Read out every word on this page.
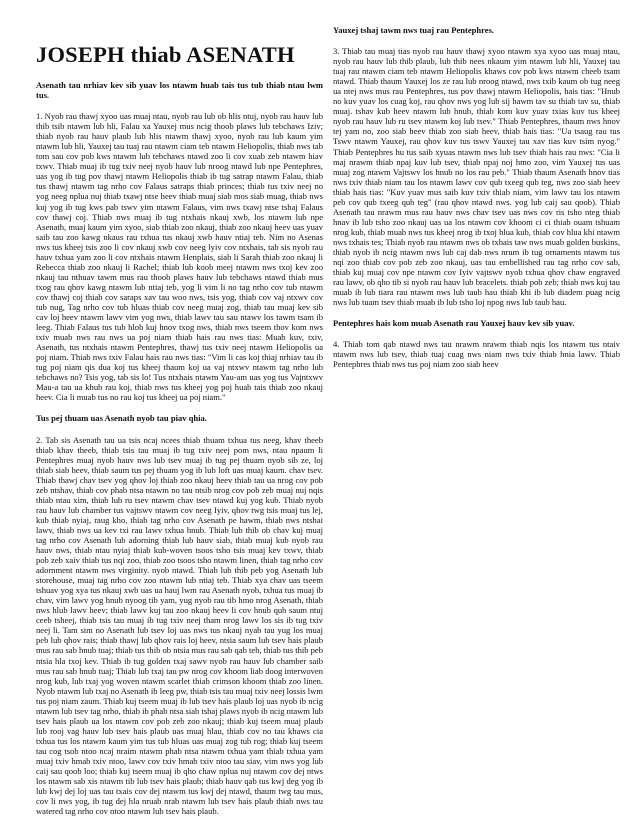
JOSEPH thiab ASENATH

Asenath tau nrhiav kev sib yuav los ntawm huab tais tus tub thiab ntau lwm tus.

1. Nyob rau thawj xyoo uas muaj ntau, nyob rau lub ob hlis ntuj, nyob rau hauv lub thib tsib ntawm lub hli, Falau xa Yauxej mus ncig thoob plaws lub tebchaws Iziv; thiab nyob rau hauv plaub lub hlis ntawm thawj xyoo, nyob rau lub kaum yim ntawm lub hli, Yauxej tau tuaj rau ntawm ciam teb ntawm Heliopolis, thiab nws tab tom sau cov pob kws ntawm lub tebchaws ntawd zoo li cov xuab zeb ntawm hiav txwv. Thiab muaj ib tug txiv neej nyob hauv lub nroog ntawd lub npe Pentephres, uas yog ib tug pov thawj ntawm Heliopolis thiab ib tug satrap ntawm Falau, thiab tus thawj ntawm tag nrho cov Falaus satraps thiab princes; thiab tus txiv neej no yog neeg nplua nuj thiab txawj ntse heev thiab muaj siab mos siab muag, thiab nws kuj yog ib tug kws pab tswv yim ntawm Falaus, vim nws txawj ntse tshaj Falaus cov thawj coj. Thiab nws muaj ib tug ntxhais nkauj xwb, los ntawm lub npe Asenath, muaj kaum yim xyoo, siab thiab zoo nkauj, thiab zoo nkauj heev uas yuav saib tau zoo kawg nkaus rau txhua tus nkauj xwb hauv ntiaj teb. Nim no Asenas nws tus kheej tsis zoo li cov nkauj xwb cov neeg lyiv cov ntxhais, tab sis nyob rau hauv txhua yam zoo li cov ntxhais ntawm Henplais, siab li Sarah thiab zoo nkauj li Rebecca thiab zoo nkauj li Rachel; thiab lub koob meej ntawm nws txoj kev zoo nkauj tau nthuav tawm mus rau thoob plaws hauv lub tebchaws ntawd thiab mus txog rau qhov kawg ntawm lub ntiaj teb, yog li vim li no tag nrho cov tub ntawm cov thawj coj thiab cov saraps xav tau woo nws, tsis yog, thiab cov vaj ntxwv cov tub nug, Tag nrho cov tub hluas thiab cov neeg muaj zog, thiab tau muaj kev sib cav loj heev ntawm lawv vim yog nws, thiab lawv tau sau ntawv los tawm tsam ib leeg. Thiab Falaus tus tub hlob kuj hnov txog nws, thiab nws tseem thov kom nws txiv muab nws rau nws ua poj niam thiab hais rau nws tias: Muab kuv, txiv, Asenath, tus ntxhais ntawm Pentephres, thawj tus txiv neej ntawm Heliopolis ua poj niam. Thiab nws txiv Falau hais rau nws tias: "Vim li cas koj thiaj nrhiav tau ib tug poj niam qis dua koj tus kheej thaum koj ua vaj ntxwv ntawm tag nrho lub tebchaws no? Tsis yog, tab sis lo! Tus ntxhais ntawm Yau-am uas yog tus Vajntxwv Mau-a tau ua khub rau koj, thiab nws tus kheej yog poj huab tais thiab zoo nkauj heev. Cia li muab tus no rau koj tus kheej ua poj niam."

Tus pej thuam uas Asenath nyob tau piav qhia.

2. Tab sis Asenath tau ua tsis ncaj ncees thiab thuam txhua tus neeg, khav theeb thiab khav theeb, thiab tsis tau muaj ib tug txiv neej pom nws, ntau npaum li Pentephres muaj nyob hauv nws lub tsev muaj ib tug pej thuam nyob sib ze, loj thiab siab heev, thiab saum tus pej thuam yog ib lub loft uas muaj kaum. chav tsev. Thiab thawj chav tsev yog qhov loj thiab zoo nkauj heev thiab tau ua nrog cov pob zeb ntshav, thiab cov phab ntsa ntawm no tau ntsib nrog cov pob zeb muaj nuj nqis thiab ntau xim, thiab lub ru tsev ntawm chav tsev ntawd kuj yog kub. Thiab nyob rau hauv lub chamber tus vajtswv ntawm cov neeg Iyiv, qhov twg tsis muaj tus lej, kub thiab nyiaj, raug kho, thiab tag nrho cov Asenath pe hawm, thiab nws ntshai lawv, thiab nws ua kev txi rau lawv txhua hnub. Thiab lub thib ob chav kuj muaj tag nrho cov Asenath lub adorning thiab lub hauv siab, thiab muaj kub nyob rau hauv nws, thiab ntau nyiaj thiab kub-woven tsoos tsho tsis muaj kev txwv, thiab pob zeb xaiv thiab tus nqi zoo, thiab zoo tsoos tsho ntawm linen, thiab tag nrho cov adornment ntawm nws virginity. nyob ntawd. Thiab lub thib peb yog Asenath lub storehouse, muaj tag nrho cov zoo ntawm lub ntiaj teb. Thiab xya chav uas tseem tshuav yog xya tus nkauj xwb uas ua hauj lwm rau Asenath nyob, txhua tus muaj ib chav, vim lawv yog hnub nyoog tib yam, yug nyob rau tib hmo nrog Asenath, thiab nws hlub lawv heev; thiab lawv kuj tau zoo nkauj heev li cov hnub qub saum ntuj ceeb tsheej, thiab tsis tau muaj ib tug txiv neej tham nrog lawv los sis ib tug txiv neej li. Tam sim no Asenath lub tsev loj uas nws tus nkauj nyab tau yug los muaj peb lub qhov rais; thiab thawj lub qhov rais loj heev, ntsia saum lub tsev hais plaub mus rau sab hnub tuaj; thiab tus thib ob ntsia mus rau sab qab teb, thiab tus thib peb ntsia hla txoj kev. Thiab ib tug golden txaj sawv nyob rau hauv lub chamber saib mus rau sab hnub tuaj; Thiab lub txaj tau pw nrog cov khoom liab doog interwoven nrog kub, lub txaj yog woven ntawm scarlet thiab crimson khoom thiab zoo linen. Nyob ntawm lub txaj no Asenath ib leeg pw, thiab tsis tau muaj txiv neej lossis lwm tus poj niam zaum. Thiab kuj tseem muaj ib lub tsev hais plaub loj uas nyob ib ncig ntawm lub tsev tag nrho, thiab ib phab ntsa siab tshaj plaws nyob ib ncig ntawm lub tsev hais plaub ua los ntawm cov pob zeb zoo nkauj; thiab kuj tseem muaj plaub lub rooj vag hauv lub tsev hais plaub uas muaj hlau, thiab cov no tau khaws cia txhua tus los ntawm kaum yim tus tub hluas uas muaj zog tub rog; thiab kuj tseem tau cog tsob ntoo ncaj nraim ntawm phab ntsa ntawm txhua yam thiab txhua yam muaj txiv hmab txiv ntoo, lawv cov txiv hmab txiv ntoo tau siav, vim nws yog lub caij sau qoob loo; thiab kuj tseem muaj ib qho chaw nplua nuj ntawm cov dej ntws los ntawm sab xis ntawm tib lub tsev hais plaub; thiab hauv qab tus kwj deg yog ib lub kwj dej loj uas tau txais cov dej ntawm tus kwj dej ntawd, thaum twg tau mus, cov li nws yog, ib tug dej hla nruab nrab ntawm lub tsev hais plaub thiab nws tau watered tag nrho cov ntoo ntawm lub tsev hais plaub.

Yauxej tshaj tawm nws tuaj rau Pentephres.

3. Thiab tau muaj tias nyob rau hauv thawj xyoo ntawm xya xyoo uas muaj ntau, nyob rau hauv lub thib plaub, lub thib nees nkaum yim ntawm lub hli, Yauxej tau tuaj rau ntawm ciam teb ntawm Heliopolis khaws cov pob kws ntawm cheeb tsam ntawd. Thiab thaum Yauxej los ze rau lub nroog ntawd, nws txib kaum ob tug neeg ua ntej nws mus rau Pentephres, tus pov thawj ntawm Heliopolis, hais tias: "Hnub no kuv yuav los cuag koj, rau qhov nws yog lub sij hawm tav su thiab tav su, thiab muaj. tshav kub heev ntawm lub hnub, thiab kom kuv yuav txias kuv tus kheej nyob rau hauv lub ru tsev ntawm koj lub tsev." Thiab Pentephres, thaum nws hnov tej yam no, zoo siab heev thiab zoo siab heev, thiab hais tias: "Ua tsaug rau tus Tswv ntawm Yauxej, rau qhov kuv tus tswv Yauxej tau xav tias kuv tsim nyog." Thiab Pentephres hu tus saib xyuas ntawm nws lub tsev thiab hais rau nws: "Cia li maj nrawm thiab npaj kuv lub tsev, thiab npaj noj hmo zoo, vim Yauxej tus uas muaj zog ntawm Vajtswv los hnub no los rau peb." Thiab thaum Asenath hnov tias nws txiv thiab niam tau los ntawm lawv cov qub txeeg qub teg, nws zoo siab heev thiab hais tias: "Kuv yuav mus saib kuv txiv thiab niam, vim lawv tau los ntawm peb cov qub txeeg qub teg" (rau qhov ntawd nws. yog lub caij sau qoob). Thiab Asenath tau nrawm mus rau hauv nws chav tsev uas nws cov ris tsho nteg thiab hnav ib lub tsho zoo nkauj uas ua los ntawm cov khoom ci ci thiab ouam tshuam nrog kub, thiab muab nws tus kheej nrog ib txoj hlua kub, thiab cov hlua khi ntawm nws txhais tes; Thiab nyob rau ntawm nws ob txhais taw nws muab golden buskins, thiab nyob ib ncig ntawm nws lub caj dab nws nrum ib tug ornaments ntawm tus nqi zoo thiab cov pob zeb zoo nkauj, uas tau embellished rau tag nrho cov sab, thiab kuj muaj cov npe ntawm cov Iyiv vajtswv nyob txhua qhov chaw engraved rau lawv, ob qho tib si nyob rau hauv lub bracelets. thiab pob zeb; thiab nws kuj tau muab ib lub tiara rau ntawm nws lub taub hau thiab khi ib lub diadem puag ncig nws lub tuam tsev thiab muab ib lub tsho loj npog nws lub taub hau.

Pentephres hais kom muab Asenath rau Yauxej hauv kev sib yuav.

4. Thiab tom qab ntawd nws tau nrawm nrawm thiab nqis los ntawm tus ntaiv ntawm nws lub tsev, thiab tuaj cuag nws niam nws txiv thiab hnia lawv. Thiab Pentephres thiab nws tus poj niam zoo siab heev
